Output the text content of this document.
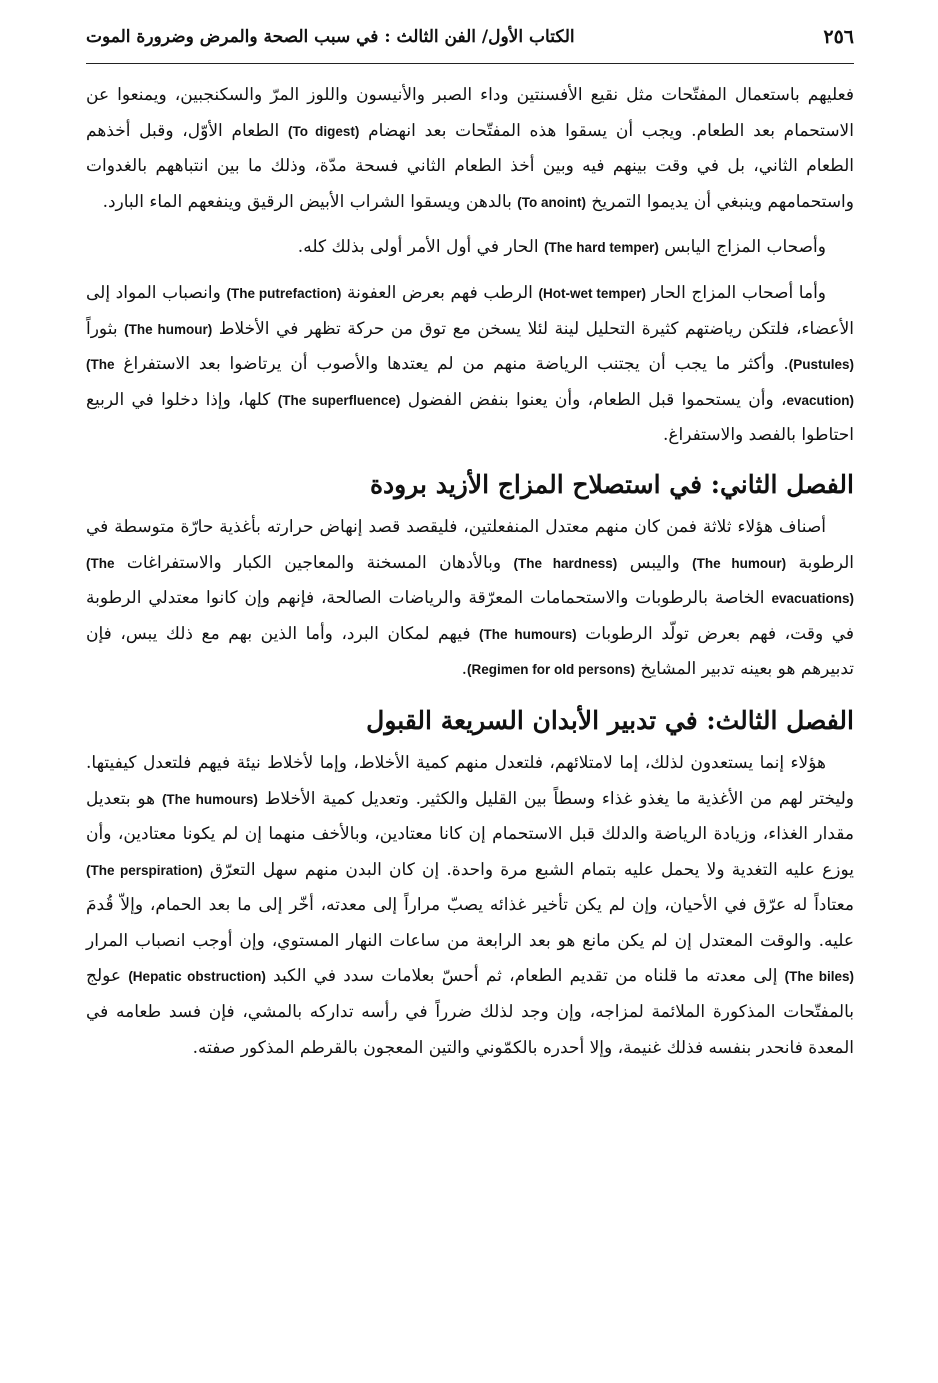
٢٥٦
الكتاب الأول/ الفن الثالث : في سبب الصحة والمرض وضرورة الموت

فعليهم باستعمال المفتّحات مثل نقيع الأفسنتين وداء الصبر والأنيسون واللوز المرّ والسكنجبين، ويمنعوا عن الاستحمام بعد الطعام. ويجب أن يسقوا هذه المفتّحات بعد انهضام (To digest) الطعام الأوّل، وقبل أخذهم الطعام الثاني، بل في وقت بينهم فيه وبين أخذ الطعام الثاني فسحة مدّة، وذلك ما بين انتباههم بالغدوات واستحمامهم وينبغي أن يديموا التمريخ (To anoint) بالدهن ويسقوا الشراب الأبيض الرقيق وينفعهم الماء البارد.

وأصحاب المزاج اليابس (The hard temper) الحار في أول الأمر أولى بذلك كله.

وأما أصحاب المزاج الحار (Hot-wet temper) الرطب فهم بعرض العفونة (The putrefaction) وانصباب المواد إلى الأعضاء، فلتكن رياضتهم كثيرة التحليل لينة لئلا يسخن مع توق من حركة تظهر في الأخلاط (The humour) بثوراً (Pustules). وأكثر ما يجب أن يجتنب الرياضة منهم من لم يعتدها والأصوب أن يرتاضوا بعد الاستفراغ (The evacution)، وأن يستحموا قبل الطعام، وأن يعنوا بنفض الفضول (The superfluence) كلها، وإذا دخلوا في الربيع احتاطوا بالفصد والاستفراغ.

الفصل الثاني: في استصلاح المزاج الأزيد برودة

أصناف هؤلاء ثلاثة فمن كان منهم معتدل المنفعلتين، فليقصد قصد إنهاض حرارته بأغذية حارّة متوسطة في الرطوبة (The humour) واليبس (The hardness) وبالأدهان المسخنة والمعاجين الكبار والاستفراغات (The evacuations) الخاصة بالرطوبات والاستحمامات المعرّقة والرياضات الصالحة، فإنهم وإن كانوا معتدلي الرطوبة في وقت، فهم بعرض تولّد الرطوبات (The humours) فيهم لمكان البرد، وأما الذين بهم مع ذلك يبس، فإن تدبيرهم هو بعينه تدبير المشايخ (Regimen for old persons).

الفصل الثالث: في تدبير الأبدان السريعة القبول

هؤلاء إنما يستعدون لذلك، إما لامتلائهم، فلتعدل منهم كمية الأخلاط، وإما لأخلاط نيئة فيهم فلتعدل كيفيتها. وليختر لهم من الأغذية ما يغذو غذاء وسطاً بين القليل والكثير. وتعديل كمية الأخلاط (The humours) هو بتعديل مقدار الغذاء، وزيادة الرياضة والدلك قبل الاستحمام إن كانا معتادين، وبالأخف منهما إن لم يكونا معتادين، وأن يوزع عليه التغدية ولا يحمل عليه بتمام الشبع مرة واحدة. إن كان البدن منهم سهل التعرّق (The perspiration) معتاداً له عرّق في الأحيان، وإن لم يكن تأخير غذائه يصبّ مراراً إلى معدته، أخّر إلى ما بعد الحمام، وإلاّ قُدمَ عليه. والوقت المعتدل إن لم يكن مانع هو بعد الرابعة من ساعات النهار المستوي، وإن أوجب انصباب المرار (The biles) إلى معدته ما قلناه من تقديم الطعام، ثم أحسّ بعلامات سدد في الكبد (Hepatic obstruction) عولج بالمفتّحات المذكورة الملائمة لمزاجه، وإن وجد لذلك ضرراً في رأسه تداركه بالمشي، فإن فسد طعامه في المعدة فانحدر بنفسه فذلك غنيمة، وإلا أحدره بالكمّوني والتين المعجون بالقرطم المذكور صفته.
